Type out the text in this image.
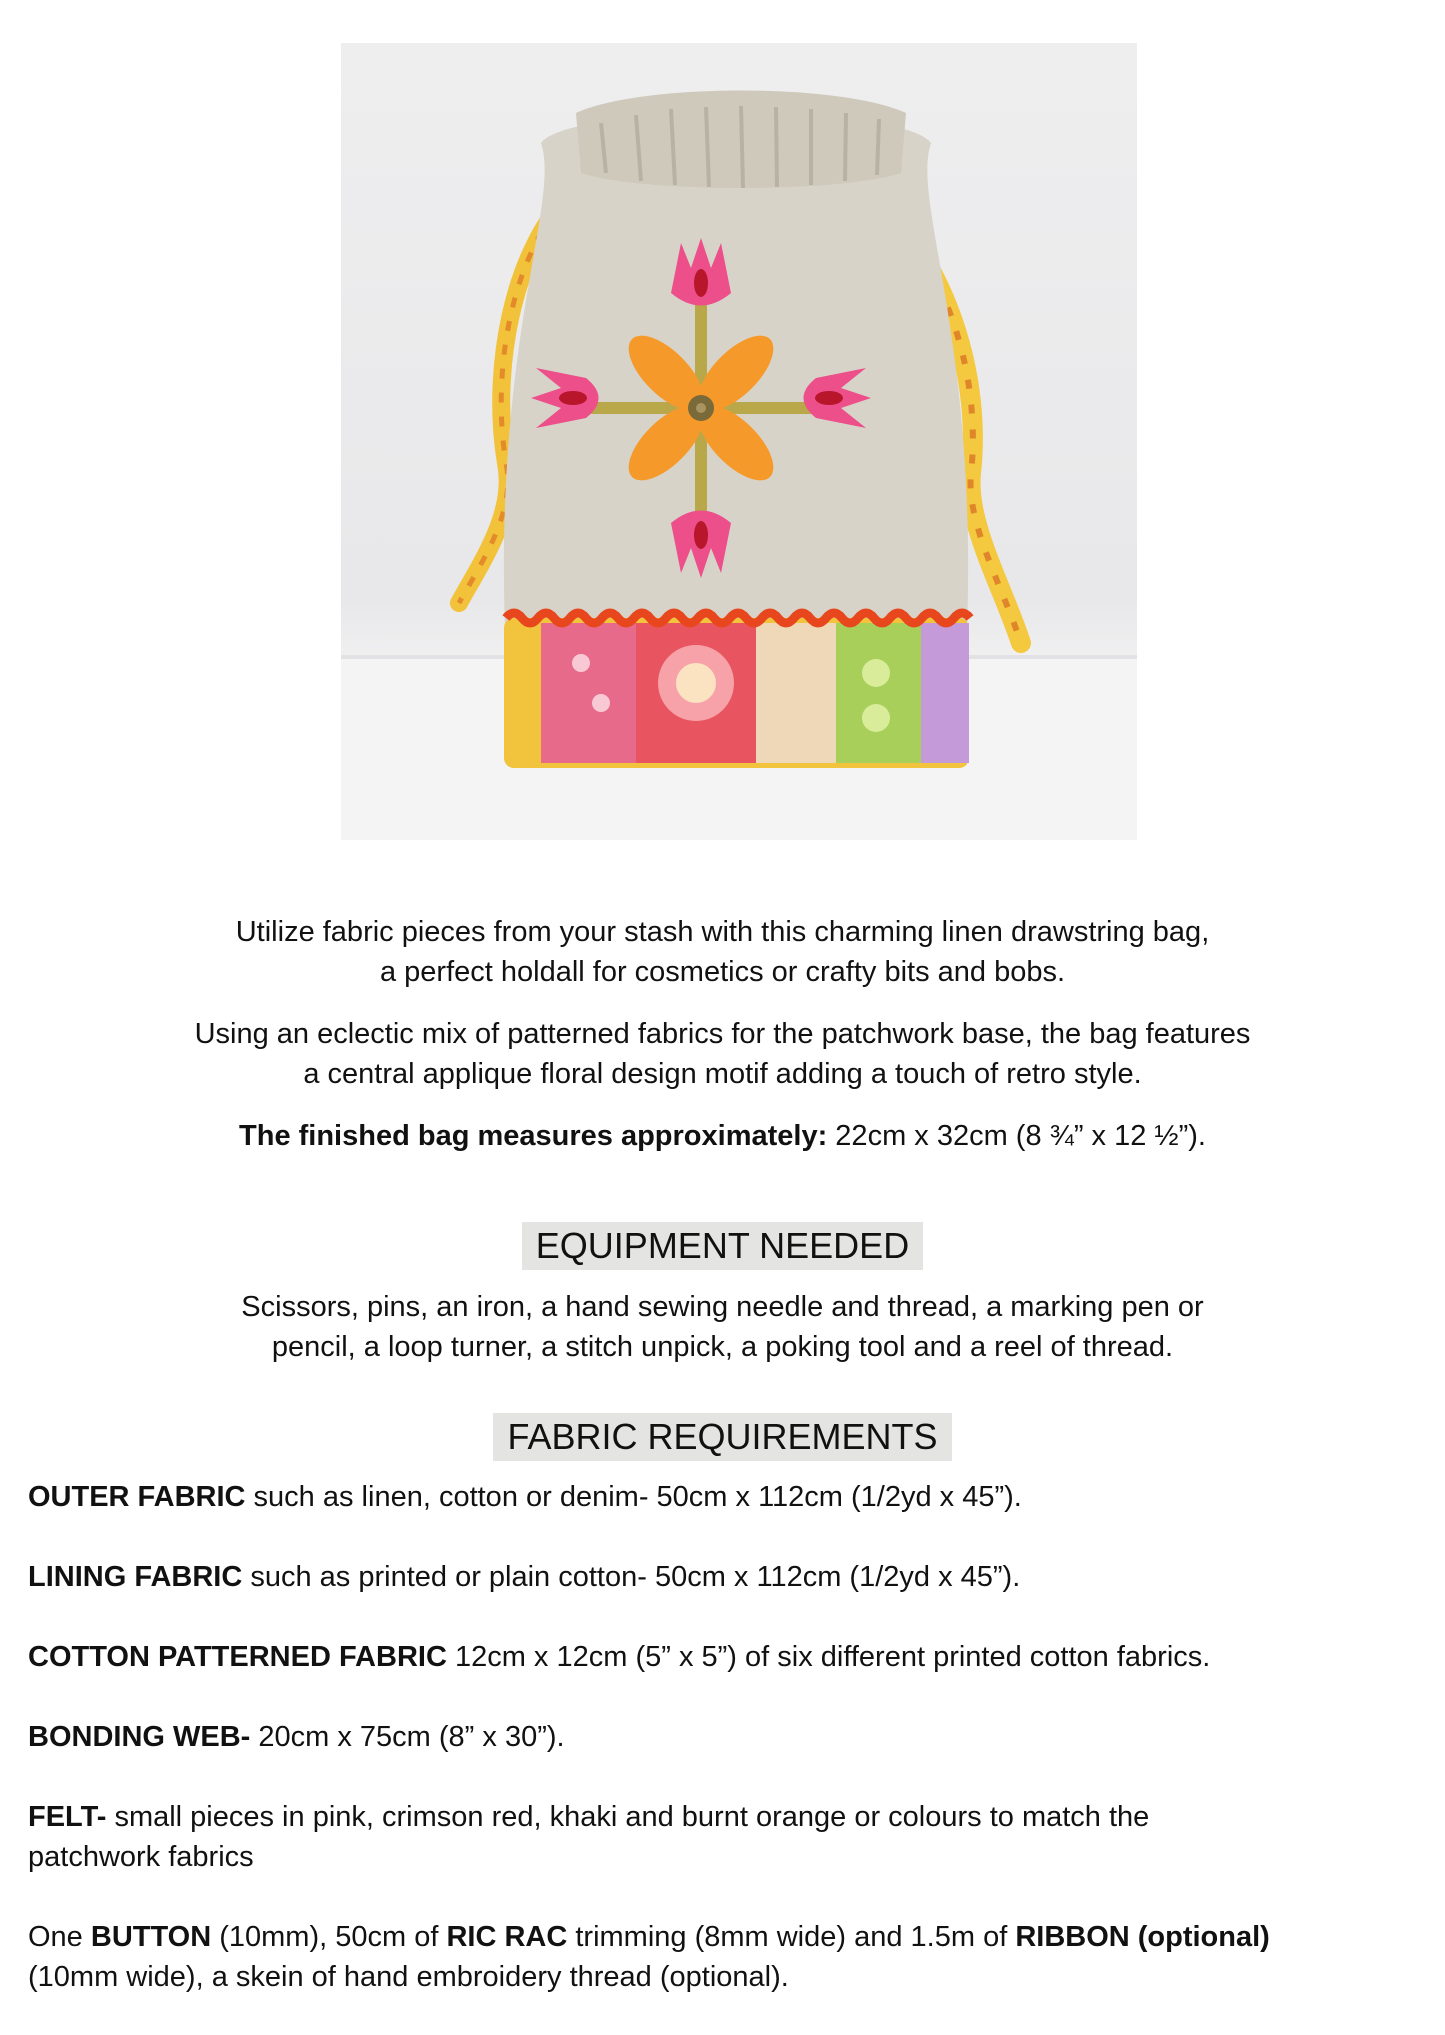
Utilize fabric pieces from your stash with this charming linen drawstring bag,
a perfect holdall for cosmetics or crafty bits and bobs.

Using an eclectic mix of patterned fabrics for the patchwork base, the bag features
a central applique floral design motif adding a touch of retro style.

The finished bag measures approximately: 22cm x 32cm (8 ¾” x 12 ½”).

EQUIPMENT NEEDED

Scissors, pins, an iron, a hand sewing needle and thread, a marking pen or
pencil, a loop turner, a stitch unpick, a poking tool and a reel of thread.

FABRIC REQUIREMENTS

OUTER FABRIC such as linen, cotton or denim- 50cm x 112cm (1/2yd x 45”).

LINING FABRIC such as printed or plain cotton- 50cm x 112cm (1/2yd x 45”).

COTTON PATTERNED FABRIC 12cm x 12cm (5” x 5”) of six different printed cotton fabrics.

BONDING WEB- 20cm x 75cm (8” x 30”).

FELT- small pieces in pink, crimson red, khaki and burnt orange or colours to match the
patchwork fabrics

One BUTTON (10mm), 50cm of RIC RAC trimming (8mm wide) and 1.5m of RIBBON (optional)
(10mm wide), a skein of hand embroidery thread (optional).
